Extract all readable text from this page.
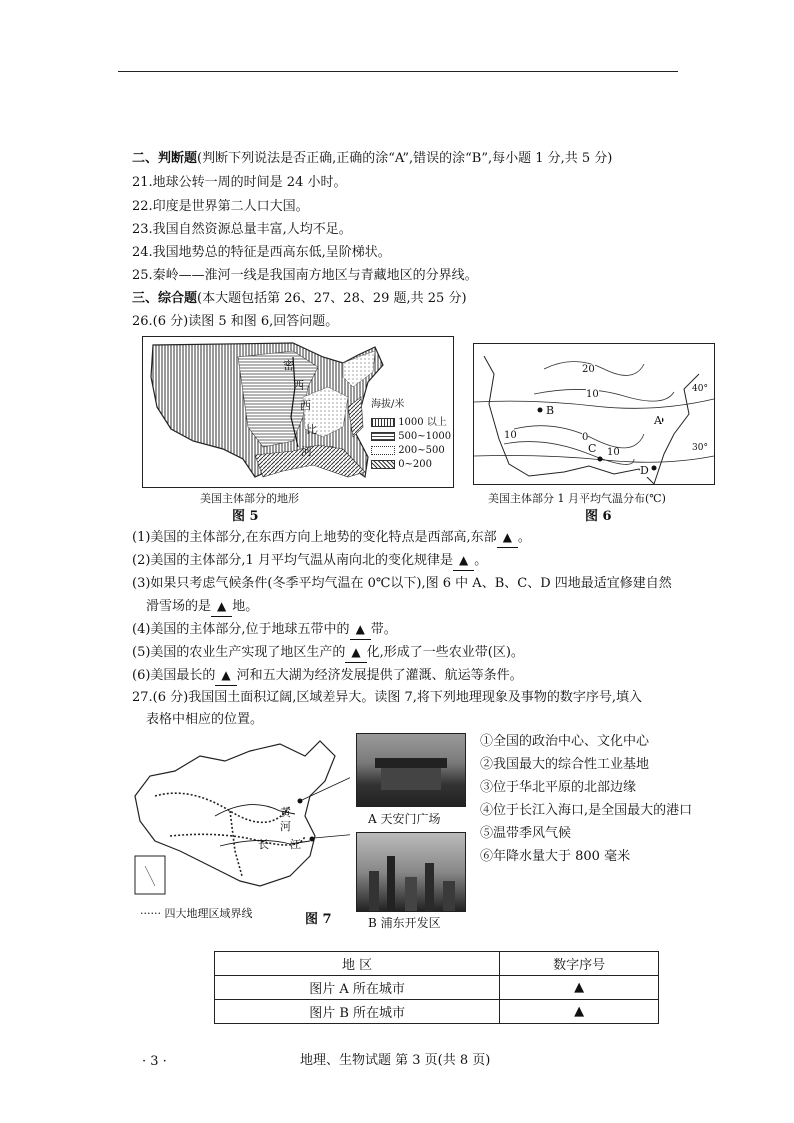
二、判断题(判断下列说法是否正确,正确的涂“A”,错误的涂“B”,每小题 1 分,共 5 分)
21.地球公转一周的时间是 24 小时。
22.印度是世界第二人口大国。
23.我国自然资源总量丰富,人均不足。
24.我国地势总的特征是西高东低,呈阶梯状。
25.秦岭——淮河一线是我国南方地区与青藏地区的分界线。
三、综合题(本大题包括第 26、27、28、29 题,共 25 分)
26.(6 分)读图 5 和图 6,回答问题。
密
西
西
比
河
海拔/米
1000 以上
500~1000
200~500
0~200
美国主体部分的地形
图 5
20
10
0
10
10
40°
30°
A
B
C
D
美国主体部分 1 月平均气温分布(℃)
图 6
(1)美国的主体部分,在东西方向上地势的变化特点是西部高,东部 ▲ 。
(2)美国的主体部分,1 月平均气温从南向北的变化规律是 ▲ 。
(3)如果只考虑气候条件(冬季平均气温在 0℃以下),图 6 中 A、B、C、D 四地最适宜修建自然
滑雪场的是 ▲ 地。
(4)美国的主体部分,位于地球五带中的 ▲ 带。
(5)美国的农业生产实现了地区生产的 ▲ 化,形成了一些农业带(区)。
(6)美国最长的 ▲ 河和五大湖为经济发展提供了灌溉、航运等条件。
27.(6 分)我国国土面积辽阔,区域差异大。读图 7,将下列地理现象及事物的数字序号,填入
表格中相应的位置。
黄
河
长 江
······ 四大地理区域界线	图 7
A 天安门广场
B 浦东开发区
①全国的政治中心、文化中心
②我国最大的综合性工业基地
③位于华北平原的北部边缘
④位于长江入海口,是全国最大的港口
⑤温带季风气候
⑥年降水量大于 800 毫米
地 区	数字序号
图片 A 所在城市	▲
图片 B 所在城市	▲
· 3 ·	地理、生物试题 第 3 页(共 8 页)
